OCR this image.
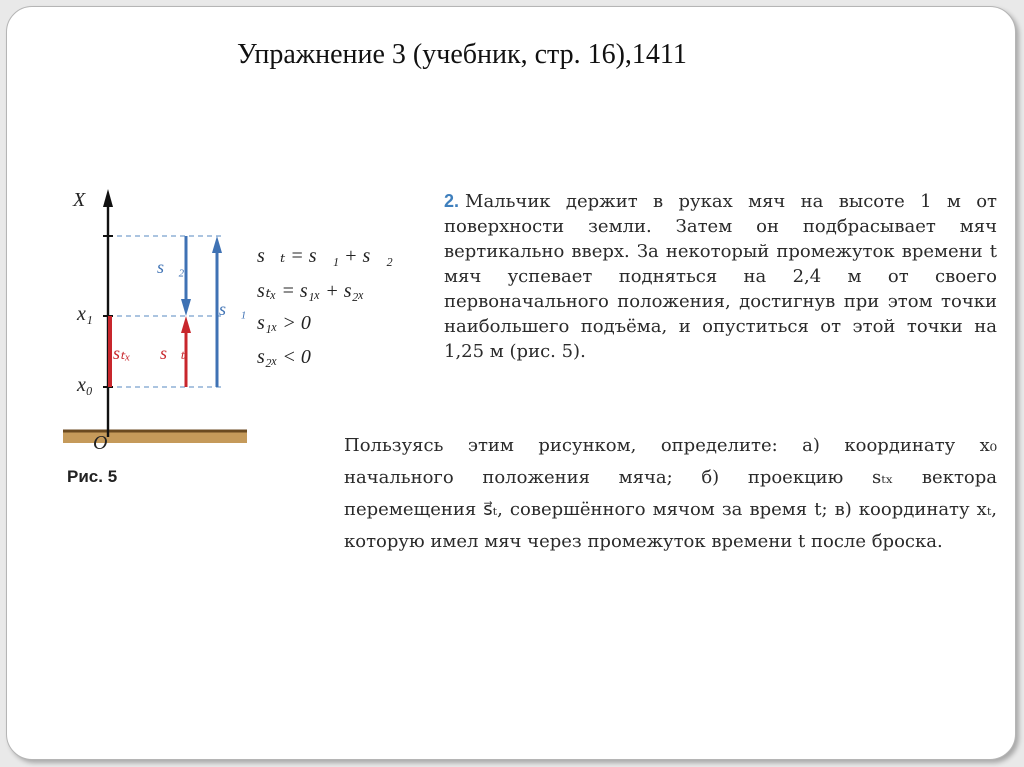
Упражнение 3 (учебник, стр. 16),1411
X
O
x₁
x₀
s⃗₂
s⃗₁
sₜₓ s⃗ₜ
s⃗ₜ = s⃗₁ + s⃗₂
sₜₓ = s₁ₓ + s₂ₓ
s₁ₓ > 0
s₂ₓ < 0
Рис. 5
2. Мальчик держит в руках мяч на высоте 1 м от поверхности земли. Затем он подбрасывает мяч вертикально вверх. За некоторый промежуток времени t мяч успевает подняться на 2,4 м от своего первоначального положения, достигнув при этом точки наибольшего подъёма, и опуститься от этой точки на 1,25 м (рис. 5).
Пользуясь этим рисунком, определите: а) координату x₀ начального положения мяча; б) проекцию sₜₓ вектора перемещения s⃗ₜ, совершённого мячом за время t; в) координату xₜ, которую имел мяч через промежуток времени t после броска.
